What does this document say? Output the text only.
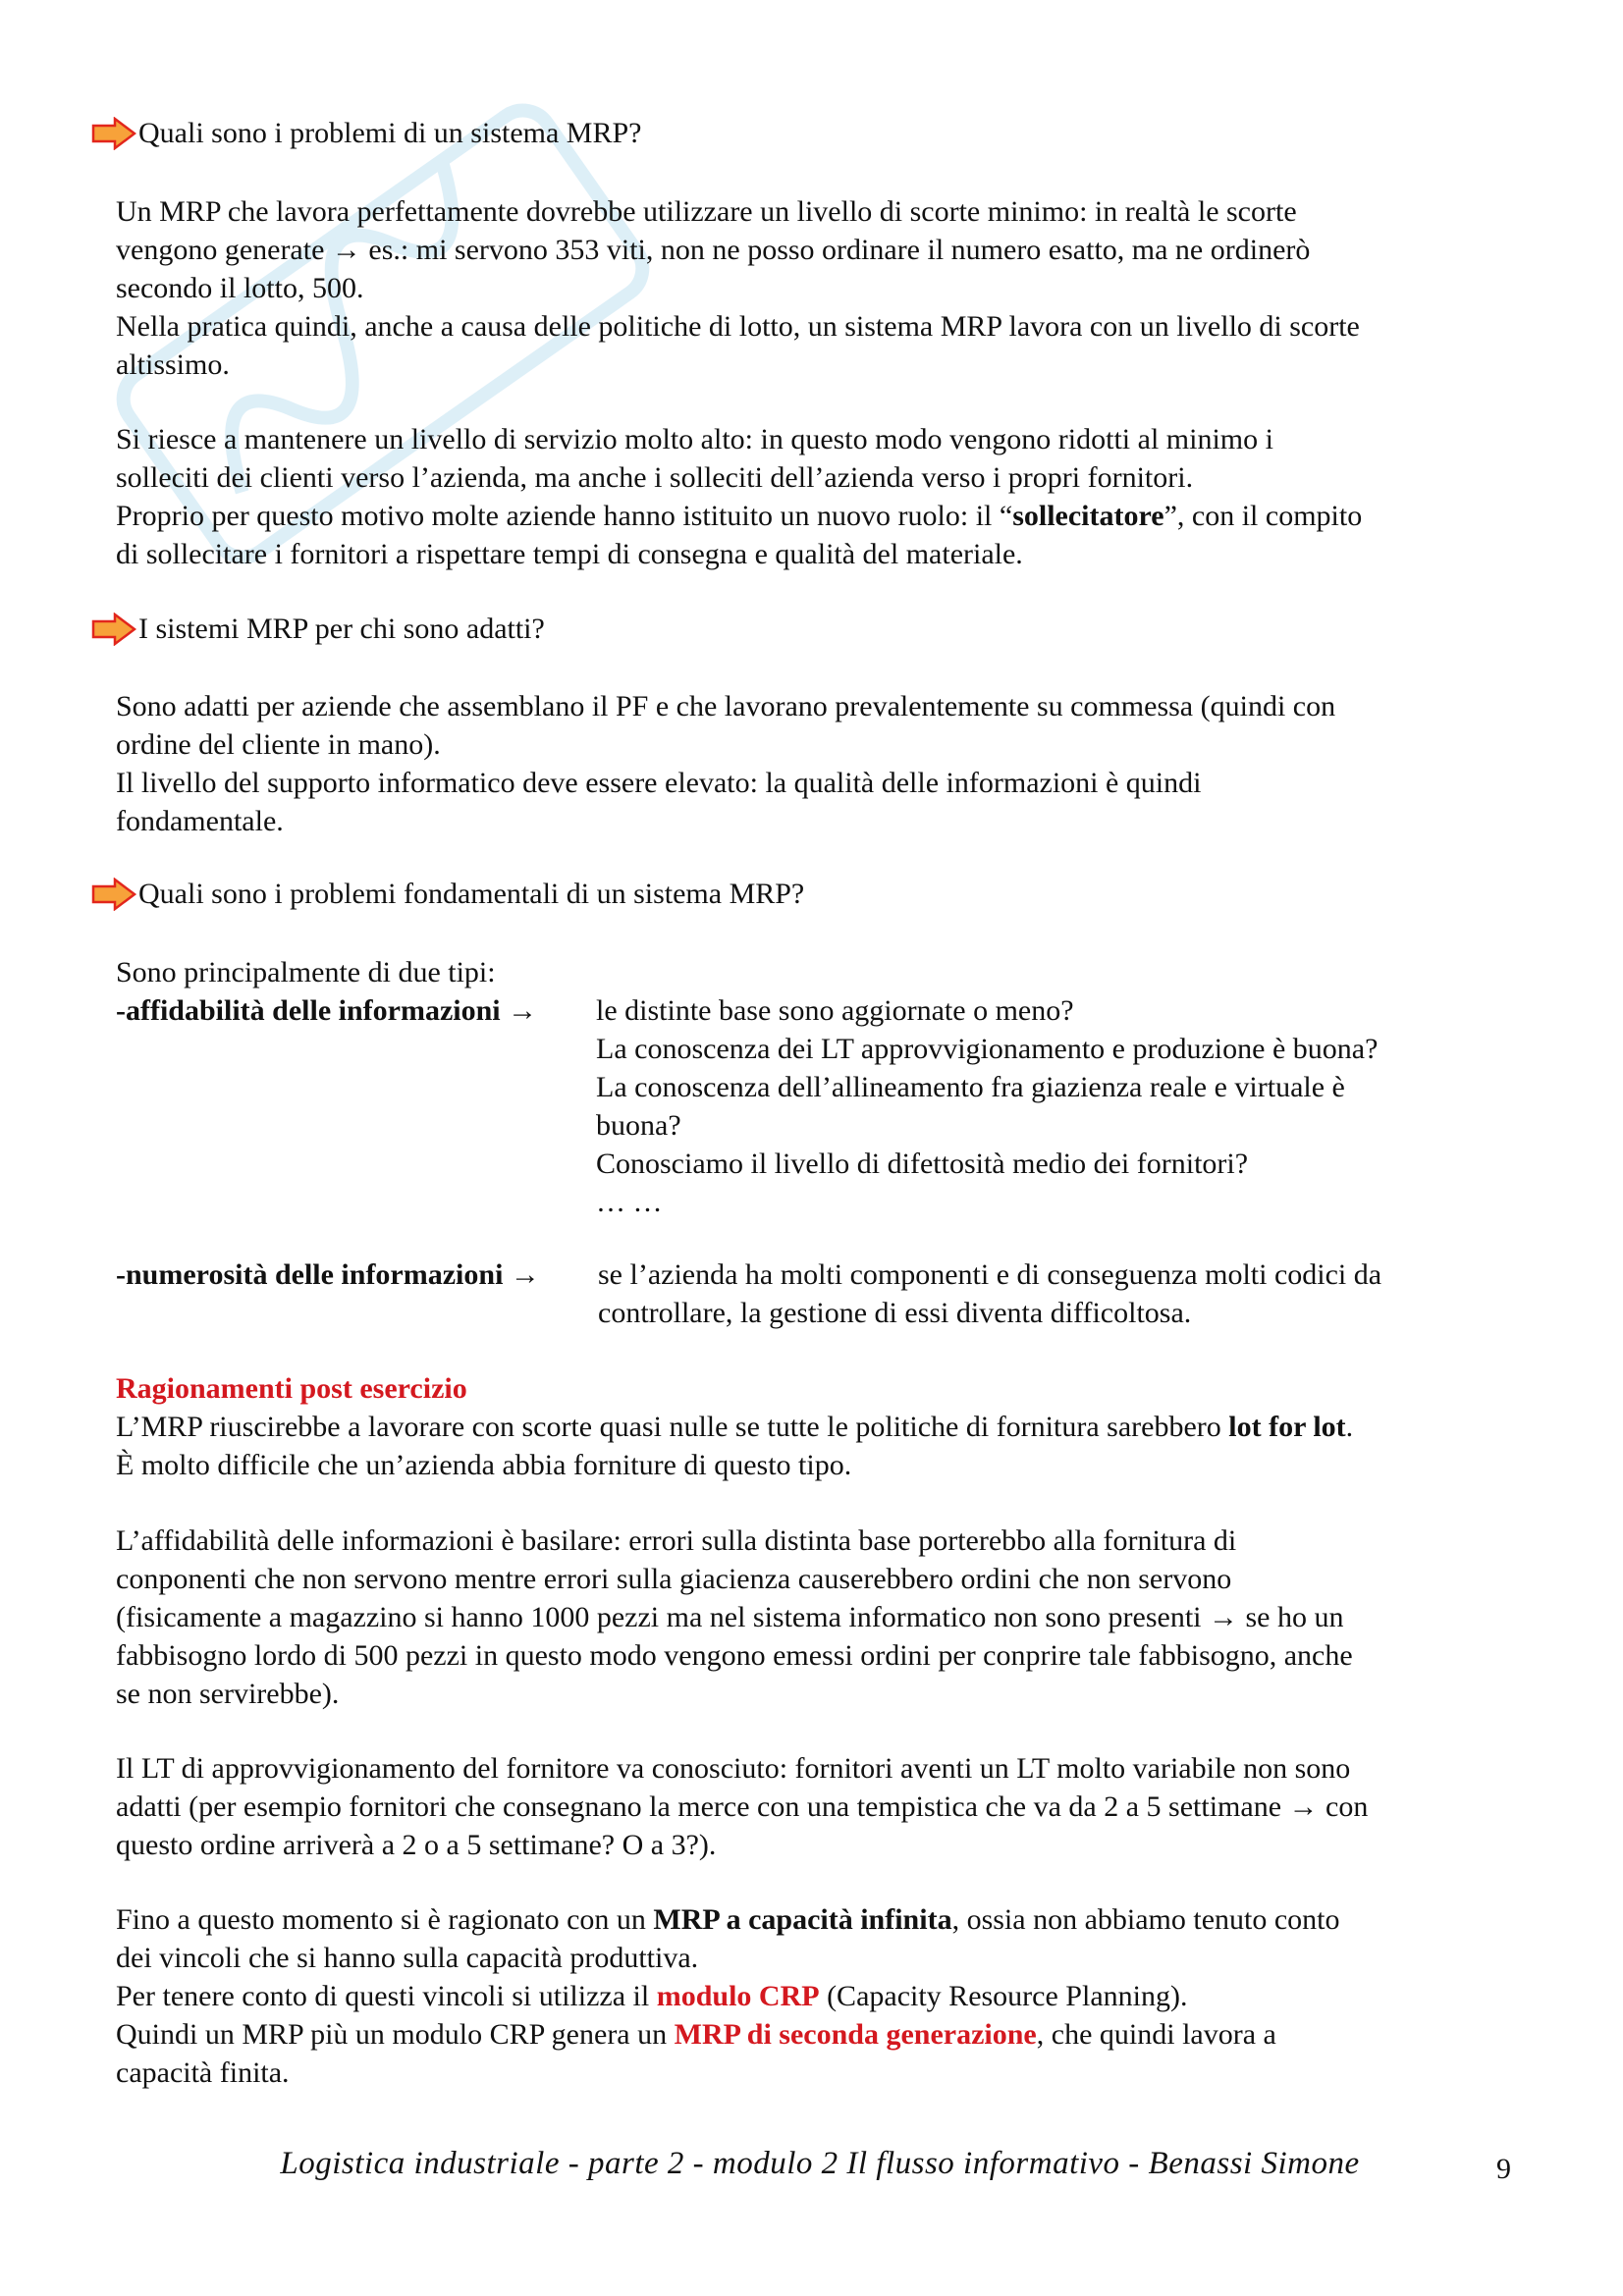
Quali sono i problemi di un sistema MRP?

Un MRP che lavora perfettamente dovrebbe utilizzare un livello di scorte minimo: in realtà le scorte

vengono generate → es.: mi servono 353 viti, non ne posso ordinare il numero esatto, ma ne ordinerò

secondo il lotto, 500.

Nella pratica quindi, anche a causa delle politiche di lotto, un sistema MRP lavora con un livello di scorte

altissimo.

Si riesce a mantenere un livello di servizio molto alto: in questo modo vengono ridotti al minimo i

solleciti dei clienti verso l’azienda, ma anche i solleciti dell’azienda verso i propri fornitori.

Proprio per questo motivo molte aziende hanno istituito un nuovo ruolo: il “sollecitatore”, con il compito

di sollecitare i fornitori a rispettare tempi di consegna e qualità del materiale.

I sistemi MRP per chi sono adatti?

Sono adatti per aziende che assemblano il PF e che lavorano prevalentemente su commessa (quindi con

ordine del cliente in mano).

Il livello del supporto informatico deve essere elevato: la qualità delle informazioni è quindi

fondamentale.

Quali sono i problemi fondamentali di un sistema MRP?
Sono principalmente di due tipi:
-affidabilità delle informazioni → le distinte base sono aggiornate o meno?
La conoscenza dei LT approvvigionamento e produzione è buona?
La conoscenza dell’allineamento fra giazienza reale e virtuale è
buona?
Conosciamo il livello di difettosità medio dei fornitori?
… …
-numerosità delle informazioni → se l’azienda ha molti componenti e di conseguenza molti codici da
controllare, la gestione di essi diventa difficoltosa.

Ragionamenti post esercizio

L’MRP riuscirebbe a lavorare con scorte quasi nulle se tutte le politiche di fornitura sarebbero lot for lot.

È molto difficile che un’azienda abbia forniture di questo tipo.

L’affidabilità delle informazioni è basilare: errori sulla distinta base porterebbo alla fornitura di

conponenti che non servono mentre errori sulla giacienza causerebbero ordini che non servono

(fisicamente a magazzino si hanno 1000 pezzi ma nel sistema informatico non sono presenti → se ho un

fabbisogno lordo di 500 pezzi in questo modo vengono emessi ordini per conprire tale fabbisogno, anche

se non servirebbe).

Il LT di approvvigionamento del fornitore va conosciuto: fornitori aventi un LT molto variabile non sono

adatti (per esempio fornitori che consegnano la merce con una tempistica che va da 2 a 5 settimane → con

questo ordine arriverà a 2 o a 5 settimane? O a 3?).

Fino a questo momento si è ragionato con un MRP a capacità infinita, ossia non abbiamo tenuto conto

dei vincoli che si hanno sulla capacità produttiva.

Per tenere conto di questi vincoli si utilizza il modulo CRP (Capacity Resource Planning).

Quindi un MRP più un modulo CRP genera un MRP di seconda generazione, che quindi lavora a

capacità finita.

Logistica industriale - parte 2 - modulo 2 Il flusso informativo - Benassi Simone	9
